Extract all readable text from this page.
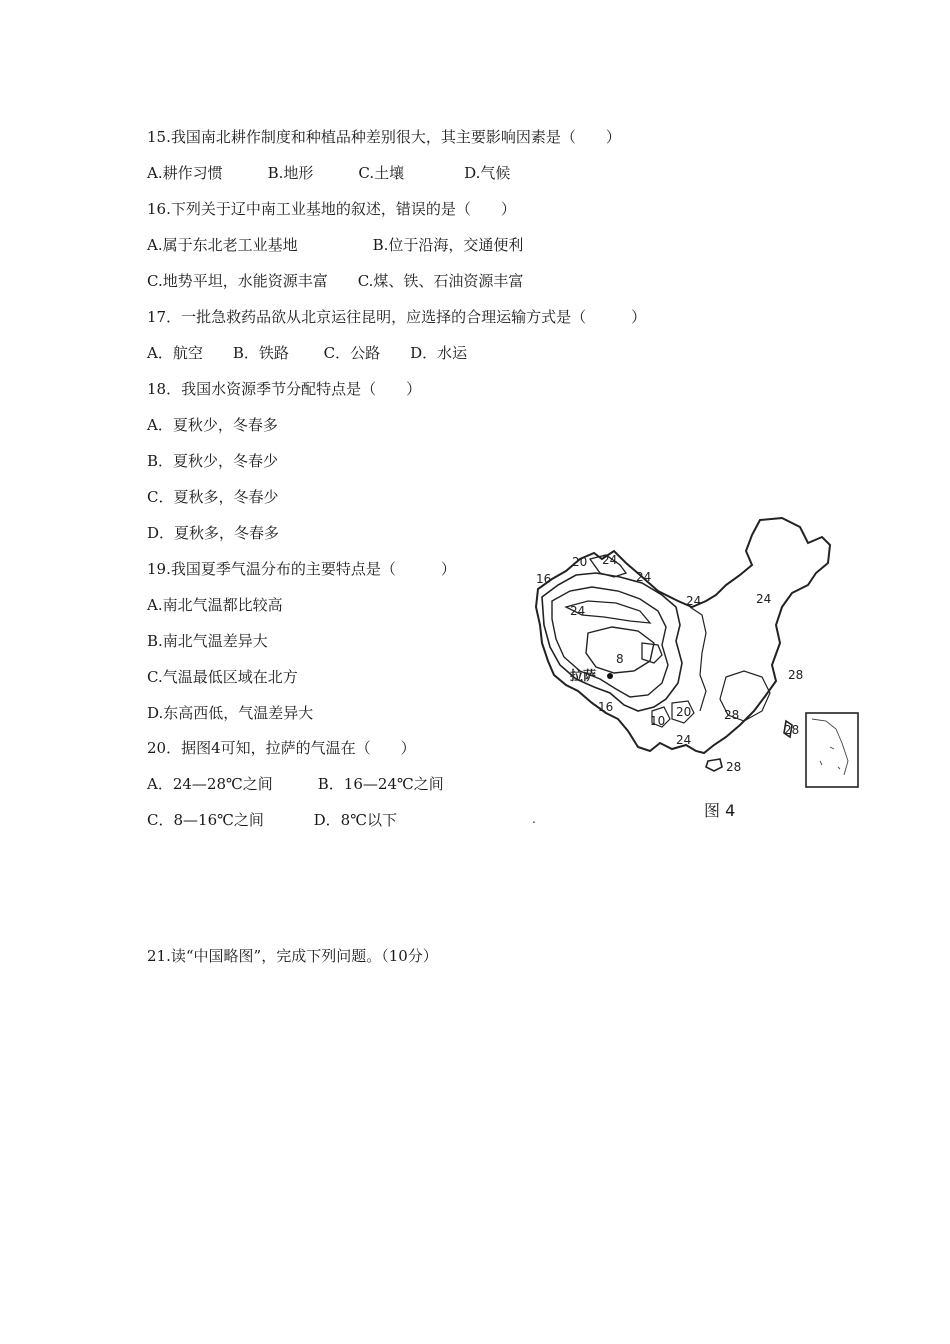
15.我国南北耕作制度和种植品种差别很大，其主要影响因素是（　　）
A.耕作习惯　　　B.地形　　　C.土壤　　　　D.气候
16.下列关于辽中南工业基地的叙述，错误的是（　　）
A.属于东北老工业基地　　　　　B.位于沿海，交通便利
C.地势平坦，水能资源丰富　　C.煤、铁、石油资源丰富
17．一批急救药品欲从北京运往昆明，应选择的合理运输方式是（　　　）
A．航空　　B．铁路　　 C．公路　　D．水运
18．我国水资源季节分配特点是（　　）
A．夏秋少，冬春多
B．夏秋少，冬春少
C．夏秋多，冬春少
D．夏秋多，冬春多
19.我国夏季气温分布的主要特点是（　　　）
A.南北气温都比较高
B.南北气温差异大
C.气温最低区域在北方
D.东高西低，气温差异大
20．据图4可知，拉萨的气温在（　　）
A．24—28℃之间　　　B．16—24℃之间
C．8—16℃之间　　　 D．8℃以下	.
21.读“中国略图”，完成下列问题。（10分）
拉萨
20 24
24
16
24
24	24
8
28
16
10
20	28
24
28
28
图 4
